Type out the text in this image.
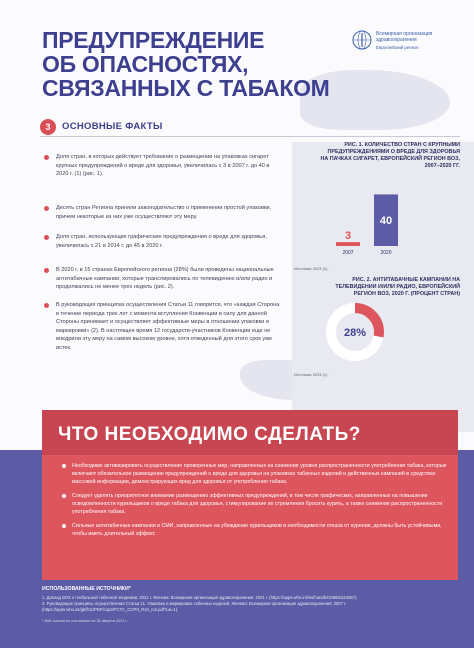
ПРЕДУПРЕЖДЕНИЕ
ОБ ОПАСНОСТЯХ,
СВЯЗАННЫХ С ТАБАКОМ
Всемирная организация
здравоохранения
Европейский регион
3	ОСНОВНЫЕ ФАКТЫ
Доля стран, в которых действует требование о размещении на упаковках сигарет крупных предупреждений о вреде для здоровья, увеличилась с 3 в 2007 г. до 40 в 2020 г. (1) (рис. 1).
Десять стран Региона приняли законодательство о применении простой упаковки, причем некоторые из них уже осуществляют эту меру.
Доля стран, использующих графические предупреждения о вреде для здоровья, увеличилась с 21 в 2014 г. до 45 в 2020 г.
В 2020 г. в 15 странах Европейского региона (28%) были проведены национальные антитабачные кампании, которые транслировались по телевидению и/или радио и продолжались не менее трех недель (рис. 2).
В руководящих принципах осуществления Статьи 11 говорится, что «каждая Сторона в течение периода трех лет с момента вступления Конвенции в силу для данной Стороны принимает и осуществляет эффективные меры в отношении упаковки и маркировки» (2). В настоящее время 12 государств-участников Конвенции еще не внедрили эту меру на самом высоком уровне, хотя отведенный для этого срок уже истек.
РИС. 1. КОЛИЧЕСТВО СТРАН С КРУПНЫМИ ПРЕДУПРЕЖДЕНИЯМИ О ВРЕДЕ ДЛЯ ЗДОРОВЬЯ НА ПАЧКАХ СИГАРЕТ, ЕВРОПЕЙСКИЙ РЕГИОН ВОЗ, 2007–2020 ГГ.
3
2007
40
2020
Источник: ВОЗ (1).
РИС. 2. АНТИТАБАЧНЫЕ КАМПАНИИ НА ТЕЛЕВИДЕНИИ И/ИЛИ РАДИО, ЕВРОПЕЙСКИЙ РЕГИОН ВОЗ, 2020 Г. (ПРОЦЕНТ СТРАН)
28%
Источник: ВОЗ (1).
ЧТО НЕОБХОДИМО СДЕЛАТЬ?
Необходимо активизировать осуществление проверенных мер, направленных на снижение уровня распространенности употребления табака, которые включают обязательное размещение предупреждений о вреде для здоровья на упаковках табачных изделий и действенных кампаний в средствах массовой информации, демонстрирующих вред для здоровья от употребления табака.
Следует уделять приоритетное внимание размещению эффективных предупреждений, в том числе графических, направленных на повышение осведомленности курильщиков о вреде табака для здоровья, стимулирование их стремления бросить курить, а также снижение распространенности употребления табака.
Сильные антитабачные кампании в СМИ, направленные на убеждение курильщиков в необходимости отказа от курения, должны быть устойчивыми, чтобы иметь длительный эффект.
ИСПОЛЬЗОВАННЫЕ ИСТОЧНИКИ*
1. Доклад ВОЗ о глобальной табачной эпидемии, 2021 г. Женева: Всемирная организация здравоохранения; 2021 г. (https://apps.who.int/iris/handle/10665/343287).
2. Руководящие принципы осуществления Статьи 11. Упаковка и маркировка табачных изделий. Женева: Всемирная организация здравоохранения; 2007 г. (https://apps.who.int/gb/fctc/PDF/cop3/FCTC_COP3_R10_rus.pdf?ua=1).
* Веб-ссылки по состоянию на 30 августа 2021 г.
